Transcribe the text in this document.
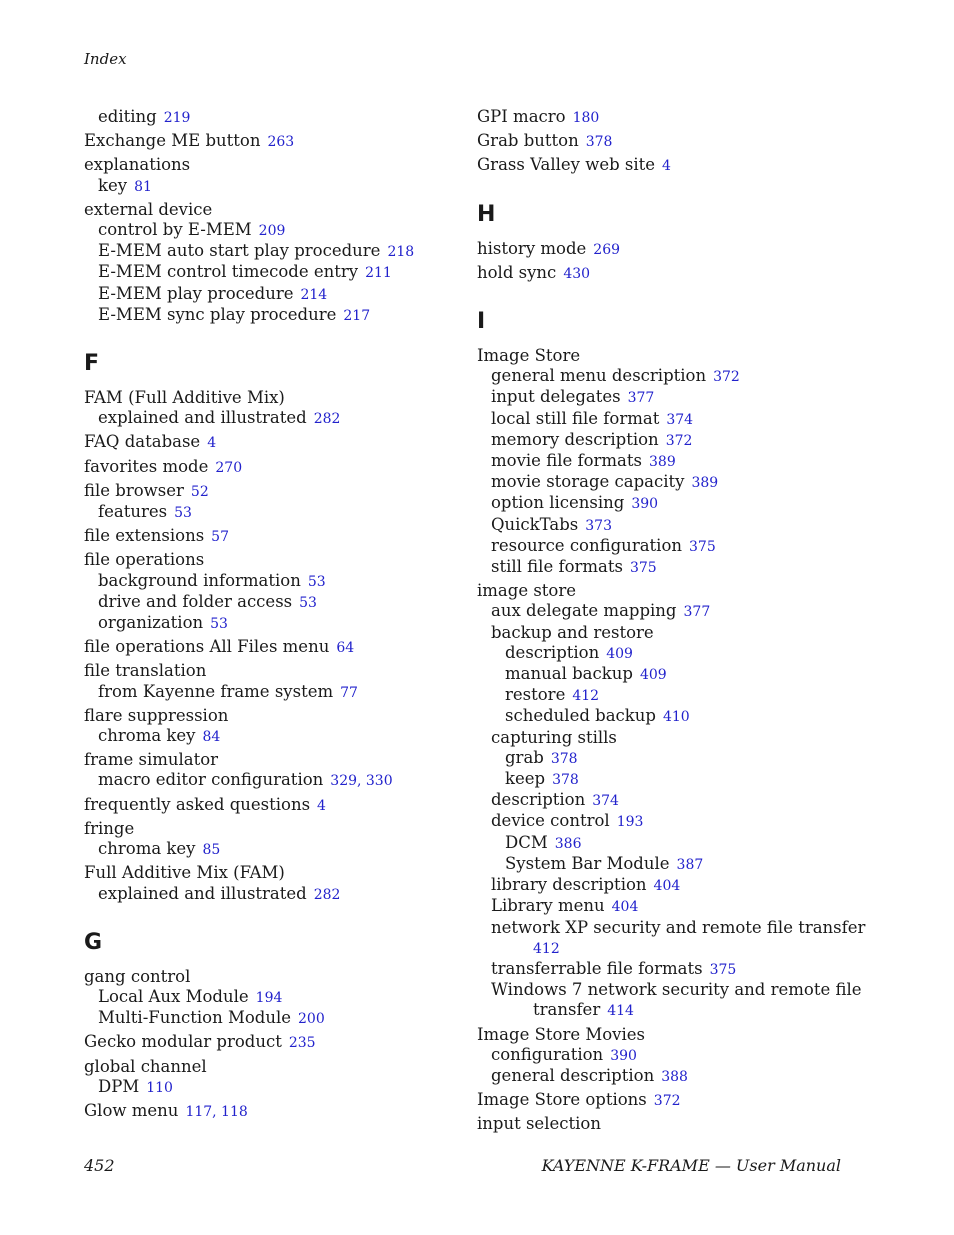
Index
editing 219
Exchange ME button 263
explanations
key 81
external device
control by E-MEM 209
E-MEM auto start play procedure 218
E-MEM control timecode entry 211
E-MEM play procedure 214
E-MEM sync play procedure 217
F
FAM (Full Additive Mix)
explained and illustrated 282
FAQ database 4
favorites mode 270
file browser 52
features 53
file extensions 57
file operations
background information 53
drive and folder access 53
organization 53
file operations All Files menu 64
file translation
from Kayenne frame system 77
flare suppression
chroma key 84
frame simulator
macro editor configuration 329, 330
frequently asked questions 4
fringe
chroma key 85
Full Additive Mix (FAM)
explained and illustrated 282
G
gang control
Local Aux Module 194
Multi-Function Module 200
Gecko modular product 235
global channel
DPM 110
Glow menu 117, 118
GPI macro 180
Grab button 378
Grass Valley web site 4
H
history mode 269
hold sync 430
I
Image Store
general menu description 372
input delegates 377
local still file format 374
memory description 372
movie file formats 389
movie storage capacity 389
option licensing 390
QuickTabs 373
resource configuration 375
still file formats 375
image store
aux delegate mapping 377
backup and restore
description 409
manual backup 409
restore 412
scheduled backup 410
capturing stills
grab 378
keep 378
description 374
device control 193
DCM 386
System Bar Module 387
library description 404
Library menu 404
network XP security and remote file transfer
412
transferrable file formats 375
Windows 7 network security and remote file
transfer 414
Image Store Movies
configuration 390
general description 388
Image Store options 372
input selection
452	KAYENNE K-FRAME — User Manual
